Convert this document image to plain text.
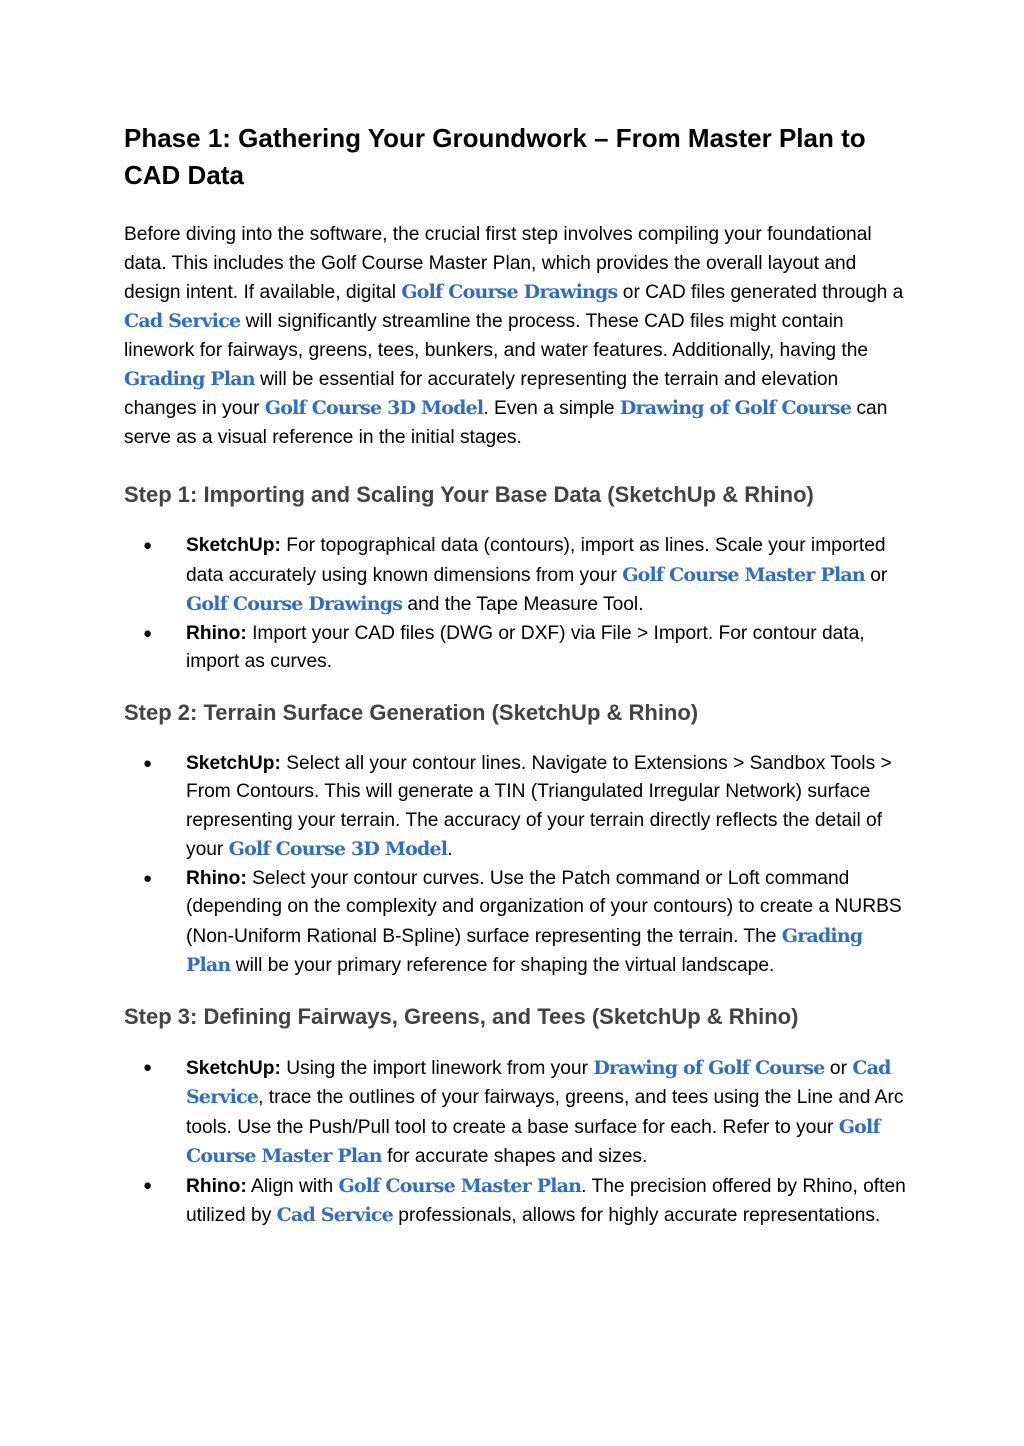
Phase 1: Gathering Your Groundwork – From Master Plan to CAD Data

Before diving into the software, the crucial first step involves compiling your foundational data. This includes the Golf Course Master Plan, which provides the overall layout and design intent. If available, digital Golf Course Drawings or CAD files generated through a Cad Service will significantly streamline the process. These CAD files might contain linework for fairways, greens, tees, bunkers, and water features. Additionally, having the Grading Plan will be essential for accurately representing the terrain and elevation changes in your Golf Course 3D Model. Even a simple Drawing of Golf Course can serve as a visual reference in the initial stages.

Step 1: Importing and Scaling Your Base Data (SketchUp & Rhino)
● SketchUp: For topographical data (contours), import as lines. Scale your imported data accurately using known dimensions from your Golf Course Master Plan or Golf Course Drawings and the Tape Measure Tool.
● Rhino: Import your CAD files (DWG or DXF) via File > Import. For contour data, import as curves.
Step 2: Terrain Surface Generation (SketchUp & Rhino)
● SketchUp: Select all your contour lines. Navigate to Extensions > Sandbox Tools > From Contours. This will generate a TIN (Triangulated Irregular Network) surface representing your terrain. The accuracy of your terrain directly reflects the detail of your Golf Course 3D Model.
● Rhino: Select your contour curves. Use the Patch command or Loft command (depending on the complexity and organization of your contours) to create a NURBS (Non-Uniform Rational B-Spline) surface representing the terrain. The Grading Plan will be your primary reference for shaping the virtual landscape.
Step 3: Defining Fairways, Greens, and Tees (SketchUp & Rhino)
● SketchUp: Using the import linework from your Drawing of Golf Course or Cad Service, trace the outlines of your fairways, greens, and tees using the Line and Arc tools. Use the Push/Pull tool to create a base surface for each. Refer to your Golf Course Master Plan for accurate shapes and sizes.
● Rhino: Align with Golf Course Master Plan. The precision offered by Rhino, often utilized by Cad Service professionals, allows for highly accurate representations.
